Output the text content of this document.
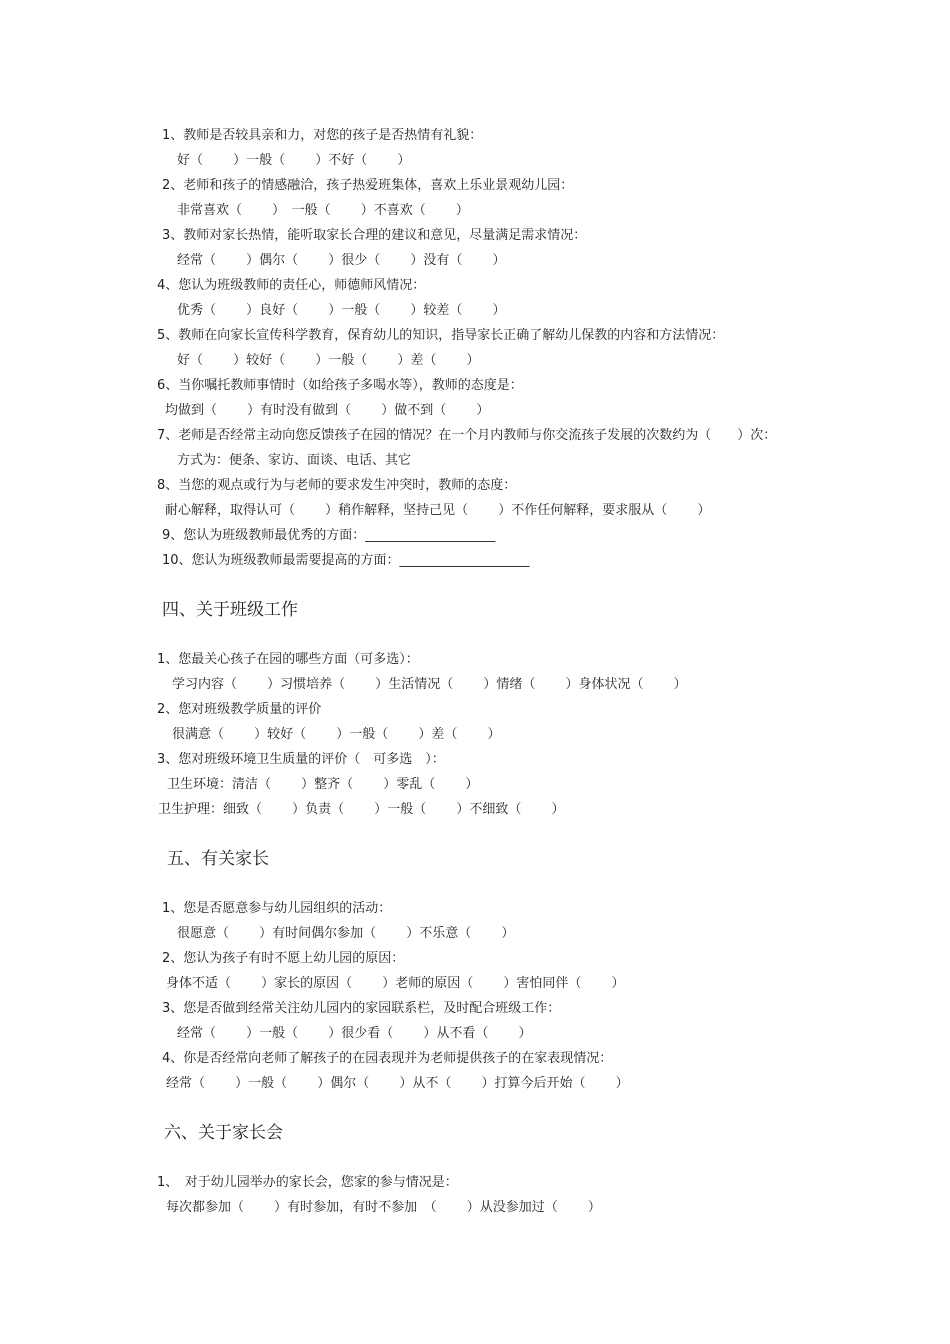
1、教师是否较具亲和力，对您的孩子是否热情有礼貌：
好（　　 ）一般（　　 ）不好（　　 ）
2、老师和孩子的情感融洽，孩子热爱班集体，喜欢上乐业景观幼儿园：
非常喜欢（　　 ）　一般（　　 ）不喜欢（　　 ）
3、教师对家长热情，能听取家长合理的建议和意见，尽量满足需求情况：
经常（　　 ）偶尔（　　 ）很少（　　 ）没有（　　 ）
4、您认为班级教师的责任心，师德师风情况：
优秀（　　 ）良好（　　 ）一般（　　 ）较差（　　 ）
5、教师在向家长宣传科学教育，保育幼儿的知识，指导家长正确了解幼儿保教的内容和方法情况：
好（　　 ）较好（　　 ）一般（　　 ）差（　　 ）
6、当你嘱托教师事情时（如给孩子多喝水等），教师的态度是：
均做到（　　 ）有时没有做到（　　 ）做不到（　　 ）
7、老师是否经常主动向您反馈孩子在园的情况？在一个月内教师与你交流孩子发展的次数约为（　　）次：
方式为：便条、家访、面谈、电话、其它
8、当您的观点或行为与老师的要求发生冲突时，教师的态度：
耐心解释，取得认可（　　 ）稍作解释，坚持己见（　　 ）不作任何解释，要求服从（　　 ）
9、您认为班级教师最优秀的方面：____________________
10、您认为班级教师最需要提高的方面：____________________
四、关于班级工作
1、您最关心孩子在园的哪些方面（可多选）：
学习内容（　　 ）习惯培养（　　 ）生活情况（　　 ）情绪（　　 ）身体状况（　　 ）
2、您对班级教学质量的评价
很满意（　　 ）较好（　　 ）一般（　　 ）差（　　 ）
3、您对班级环境卫生质量的评价（　可多选　）：
卫生环境：清洁（　　 ）整齐（　　 ）零乱（　　 ）
卫生护理：细致（　　 ）负责（　　 ）一般（　　 ）不细致（　　 ）
五、有关家长
1、您是否愿意参与幼儿园组织的活动：
很愿意（　　 ）有时间偶尔参加（　　 ）不乐意（　　 ）
2、您认为孩子有时不愿上幼儿园的原因：
身体不适（　　 ）家长的原因（　　 ）老师的原因（　　 ）害怕同伴（　　 ）
3、您是否做到经常关注幼儿园内的家园联系栏，及时配合班级工作：
经常（　　 ）一般（　　 ）很少看（　　 ）从不看（　　 ）
4、你是否经常向老师了解孩子的在园表现并为老师提供孩子的在家表现情况：
经常（　　 ）一般（　　 ）偶尔（　　 ）从不（　　 ）打算今后开始（　　 ）
六、关于家长会
1、　对于幼儿园举办的家长会，您家的参与情况是：
每次都参加（　　 ）有时参加，有时不参加　（　　 ）从没参加过（　　 ）
